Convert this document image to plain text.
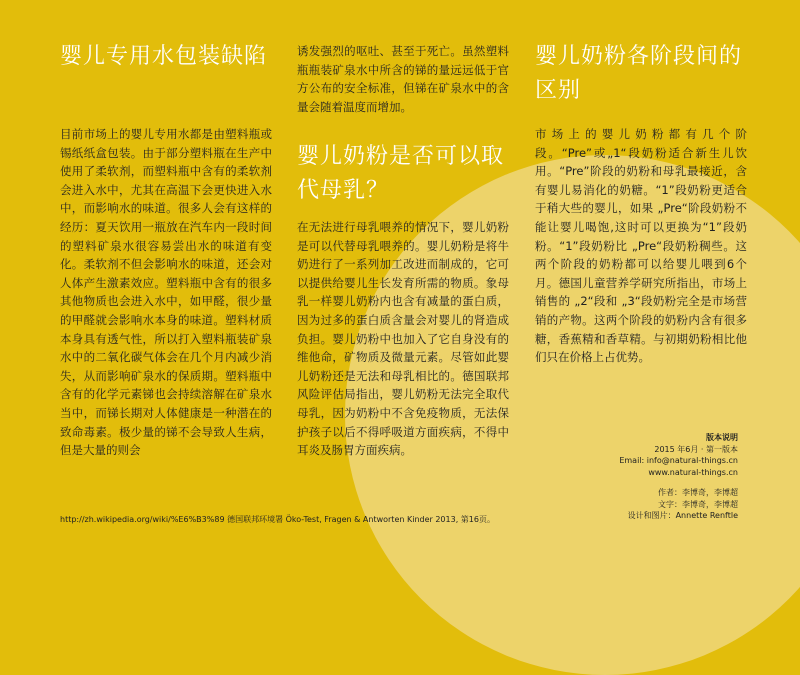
婴儿专用水包装缺陷

目前市场上的婴儿专用水都是由塑料瓶或锡纸纸盒包装。由于部分塑料瓶在生产中使用了柔软剂，而塑料瓶中含有的柔软剂会进入水中，尤其在高温下会更快进入水中，而影响水的味道。很多人会有这样的经历：夏天饮用一瓶放在汽车内一段时间的塑料矿泉水很容易尝出水的味道有变化。柔软剂不但会影响水的味道，还会对人体产生激素效应。塑料瓶中含有的很多其他物质也会进入水中，如甲醛，很少量的甲醛就会影响水本身的味道。塑料材质本身具有透气性，所以打入塑料瓶装矿泉水中的二氧化碳气体会在几个月内减少消失，从而影响矿泉水的保质期。塑料瓶中含有的化学元素锑也会持续溶解在矿泉水当中，而锑长期对人体健康是一种潜在的致命毒素。极少量的锑不会导致人生病，但是大量的则会

诱发强烈的呕吐、甚至于死亡。虽然塑料瓶瓶装矿泉水中所含的锑的量远远低于官方公布的安全标准，但锑在矿泉水中的含量会随着温度而增加。

婴儿奶粉是否可以取代母乳？

在无法进行母乳喂养的情况下，婴儿奶粉是可以代替母乳喂养的。婴儿奶粉是将牛奶进行了一系列加工改进而制成的，它可以提供给婴儿生长发育所需的物质。象母乳一样婴儿奶粉内也含有减量的蛋白质，因为过多的蛋白质含量会对婴儿的肾造成负担。婴儿奶粉中也加入了它自身没有的维他命，矿物质及微量元素。尽管如此婴儿奶粉还是无法和母乳相比的。德国联邦风险评估局指出，婴儿奶粉无法完全取代母乳，因为奶粉中不含免疫物质，无法保护孩子以后不得呼吸道方面疾病，不得中耳炎及肠胃方面疾病。

婴儿奶粉各阶段间的区别

市场上的婴儿奶粉都有几个阶段。“Pre”或„1“段奶粉适合新生儿饮用。“Pre”阶段的奶粉和母乳最接近，含有婴儿易消化的奶糖。“1”段奶粉更适合于稍大些的婴儿，如果 „Pre“阶段奶粉不能让婴儿喝饱,这时可以更换为“1”段奶粉。“1”段奶粉比 „Pre“段奶粉稠些。这两个阶段的奶粉都可以给婴儿喂到6个月。德国儿童营养学研究所指出，市场上销售的 „2“段和 „3“段奶粉完全是市场营销的产物。这两个阶段的奶粉内含有很多糖，香蕉精和香草精。与初期奶粉相比他们只在价格上占优势。

版本说明
2015 年6月 · 第一版本
Email: info@natural-things.cn
www.natural-things.cn
作者：李博奇，李博超
文字：李博奇，李博超
设计和图片：Annette Renftle
http://zh.wikipedia.org/wiki/%E6%B3%89 德国联邦环境署 Öko-Test, Fragen & Antworten Kinder 2013, 第16页。
